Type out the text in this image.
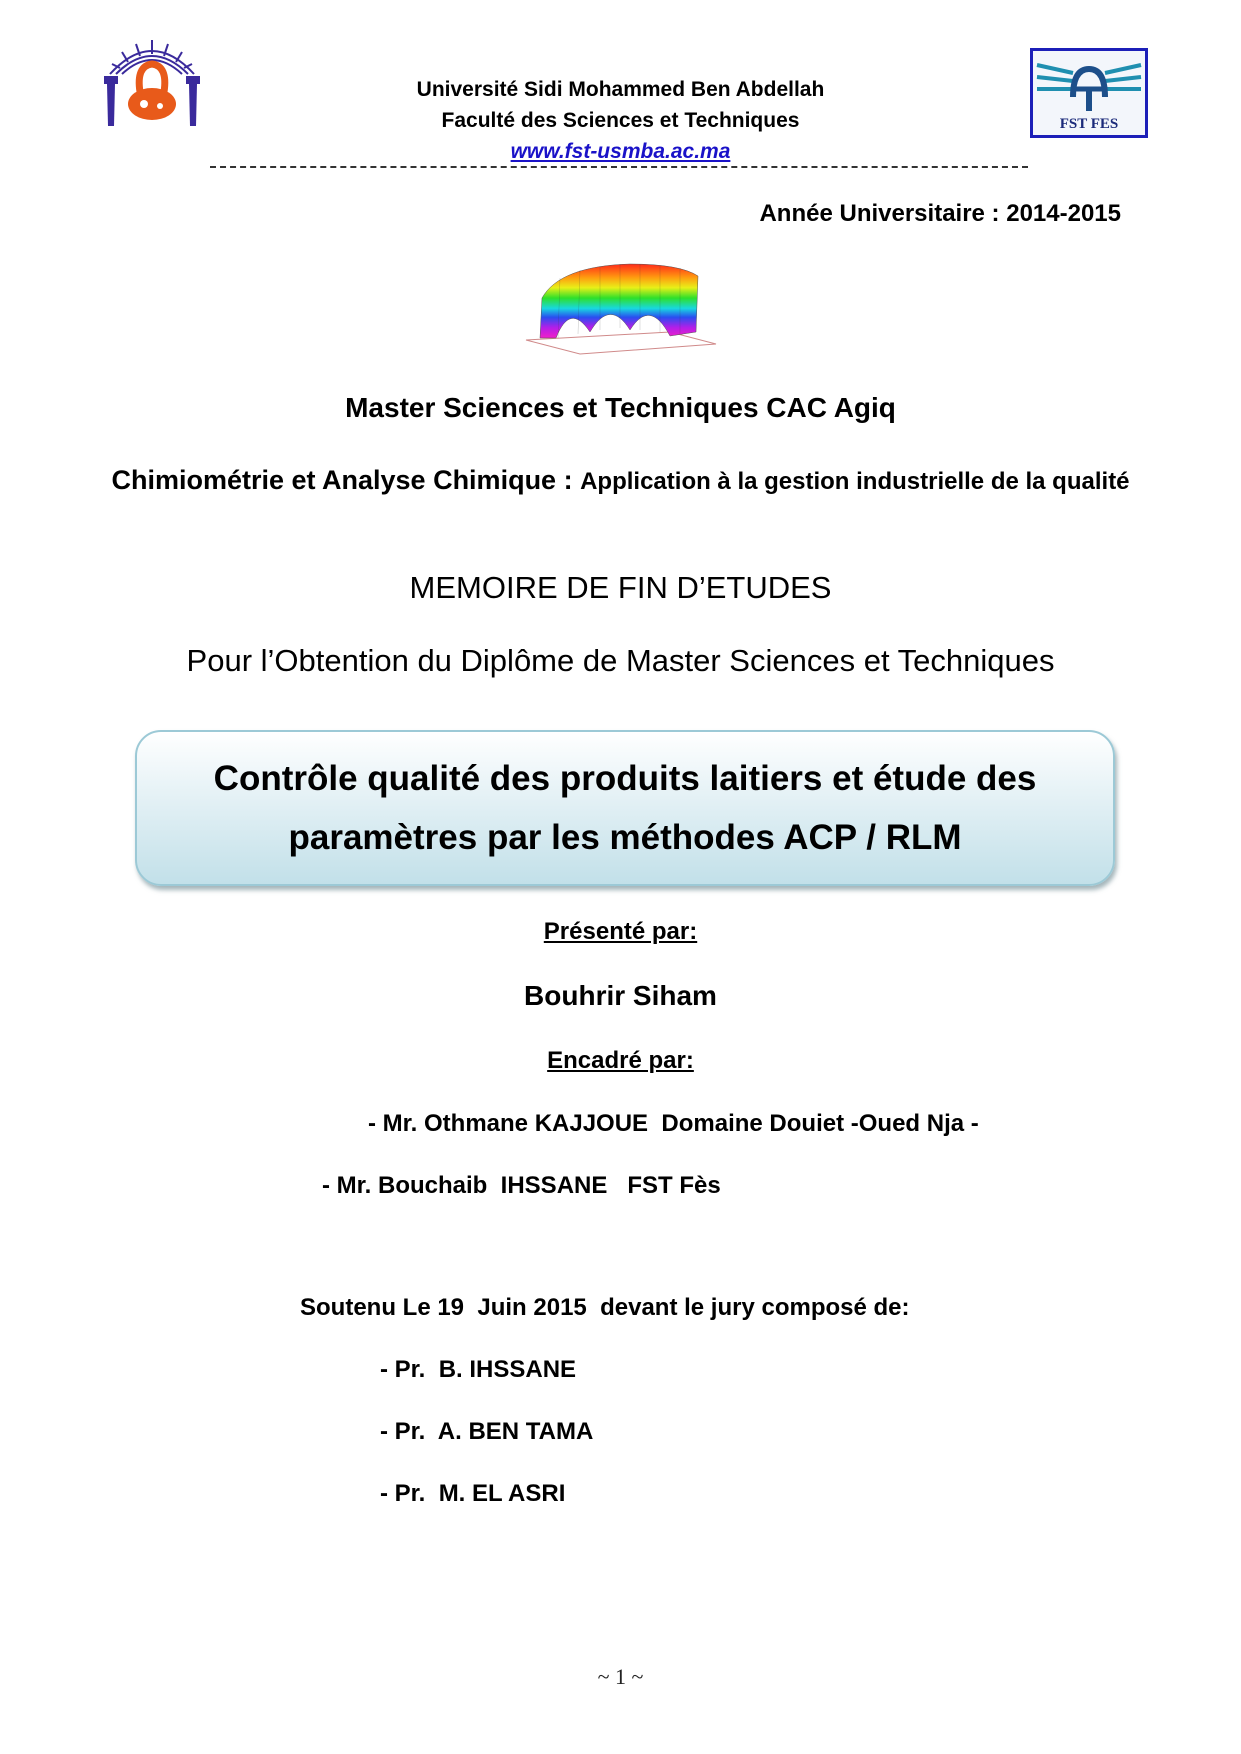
Université Sidi Mohammed Ben Abdellah
Faculté des Sciences et Techniques
www.fst-usmba.ac.ma
FST FES
Année Universitaire : 2014-2015
Master Sciences et Techniques CAC Agiq
Chimiométrie et Analyse Chimique : Application à la gestion industrielle de la qualité
MEMOIRE DE FIN D’ETUDES
Pour l’Obtention du Diplôme de Master Sciences et Techniques
Contrôle qualité des produits laitiers et étude des
paramètres par les méthodes ACP / RLM
Présenté par:
Bouhrir Siham
Encadré par:
- Mr. Othmane KAJJOUE  Domaine Douiet -Oued Nja -
- Mr. Bouchaib  IHSSANE   FST Fès
Soutenu Le 19  Juin 2015  devant le jury composé de:
- Pr.  B. IHSSANE
- Pr.  A. BEN TAMA
- Pr.  M. EL ASRI
~ 1 ~
